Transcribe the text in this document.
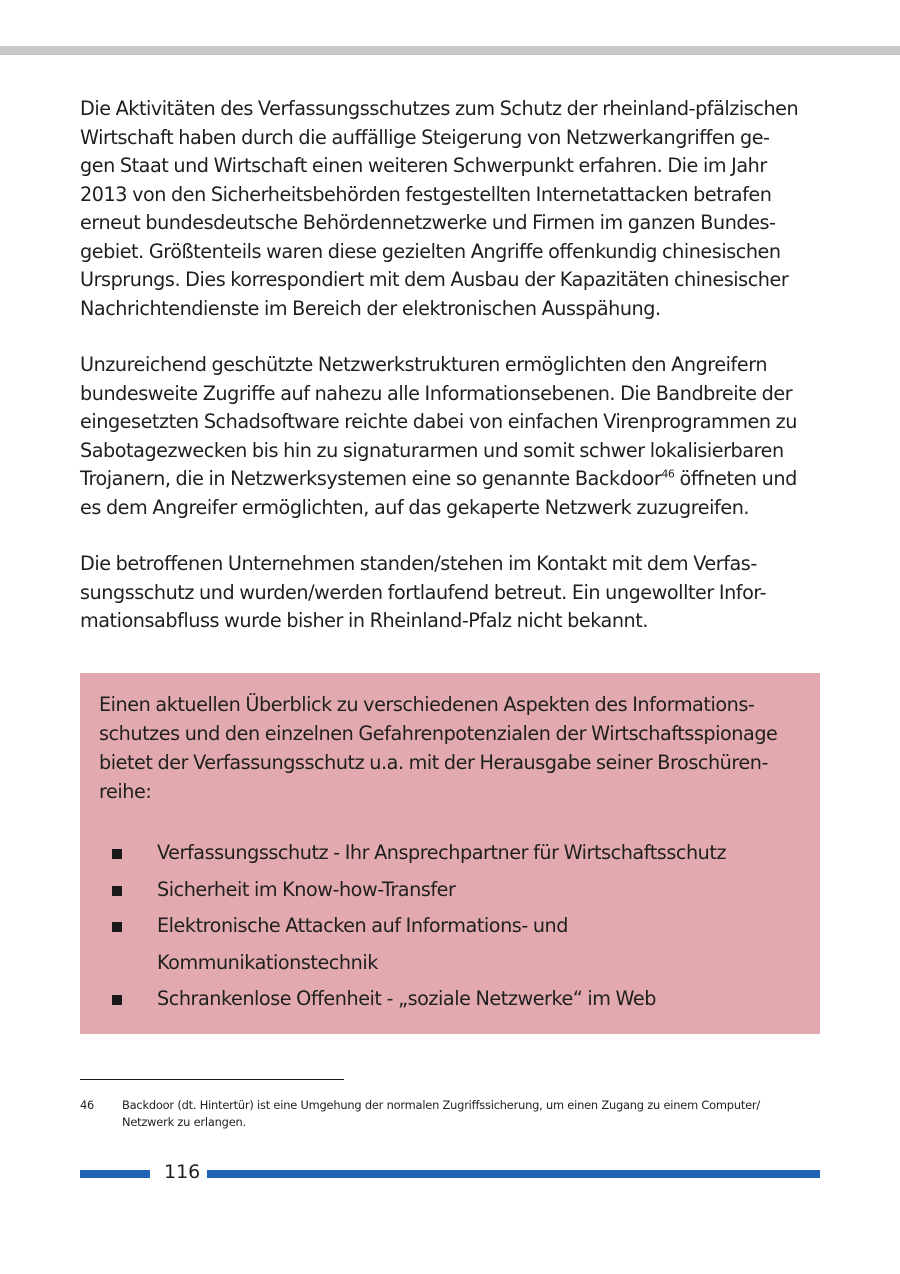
Die Aktivitäten des Verfassungsschutzes zum Schutz der rheinland-pfälzischen
Wirtschaft haben durch die auffällige Steigerung von Netzwerkangriffen ge-
gen Staat und Wirtschaft einen weiteren Schwerpunkt erfahren. Die im Jahr
2013 von den Sicherheitsbehörden festgestellten Internetattacken betrafen
erneut bundesdeutsche Behördennetzwerke und Firmen im ganzen Bundes-
gebiet. Größtenteils waren diese gezielten Angriffe offenkundig chinesischen
Ursprungs. Dies korrespondiert mit dem Ausbau der Kapazitäten chinesischer
Nachrichtendienste im Bereich der elektronischen Ausspähung.

Unzureichend geschützte Netzwerkstrukturen ermöglichten den Angreifern
bundesweite Zugriffe auf nahezu alle Informationsebenen. Die Bandbreite der
eingesetzten Schadsoftware reichte dabei von einfachen Virenprogrammen zu
Sabotagezwecken bis hin zu signaturarmen und somit schwer lokalisierbaren
Trojanern, die in Netzwerksystemen eine so genannte Backdoor$^{46}$ öffneten und
es dem Angreifer ermöglichten, auf das gekaperte Netzwerk zuzugreifen.

Die betroffenen Unternehmen standen/stehen im Kontakt mit dem Verfas-
sungsschutz und wurden/werden fortlaufend betreut. Ein ungewollter Infor-
mationsabfluss wurde bisher in Rheinland-Pfalz nicht bekannt.

Einen aktuellen Überblick zu verschiedenen Aspekten des Informations-
schutzes und den einzelnen Gefahrenpotenzialen der Wirtschaftsspionage
bietet der Verfassungsschutz u.a. mit der Herausgabe seiner Broschüren-
reihe:

Verfassungsschutz - Ihr Ansprechpartner für Wirtschaftsschutz
Sicherheit im Know-how-Transfer
Elektronische Attacken auf Informations- und
Kommunikationstechnik
Schrankenlose Offenheit - „soziale Netzwerke“ im Web
46 Backdoor (dt. Hintertür) ist eine Umgehung der normalen Zugriffssicherung, um einen Zugang zu einem Computer/
Netzwerk zu erlangen.
116
